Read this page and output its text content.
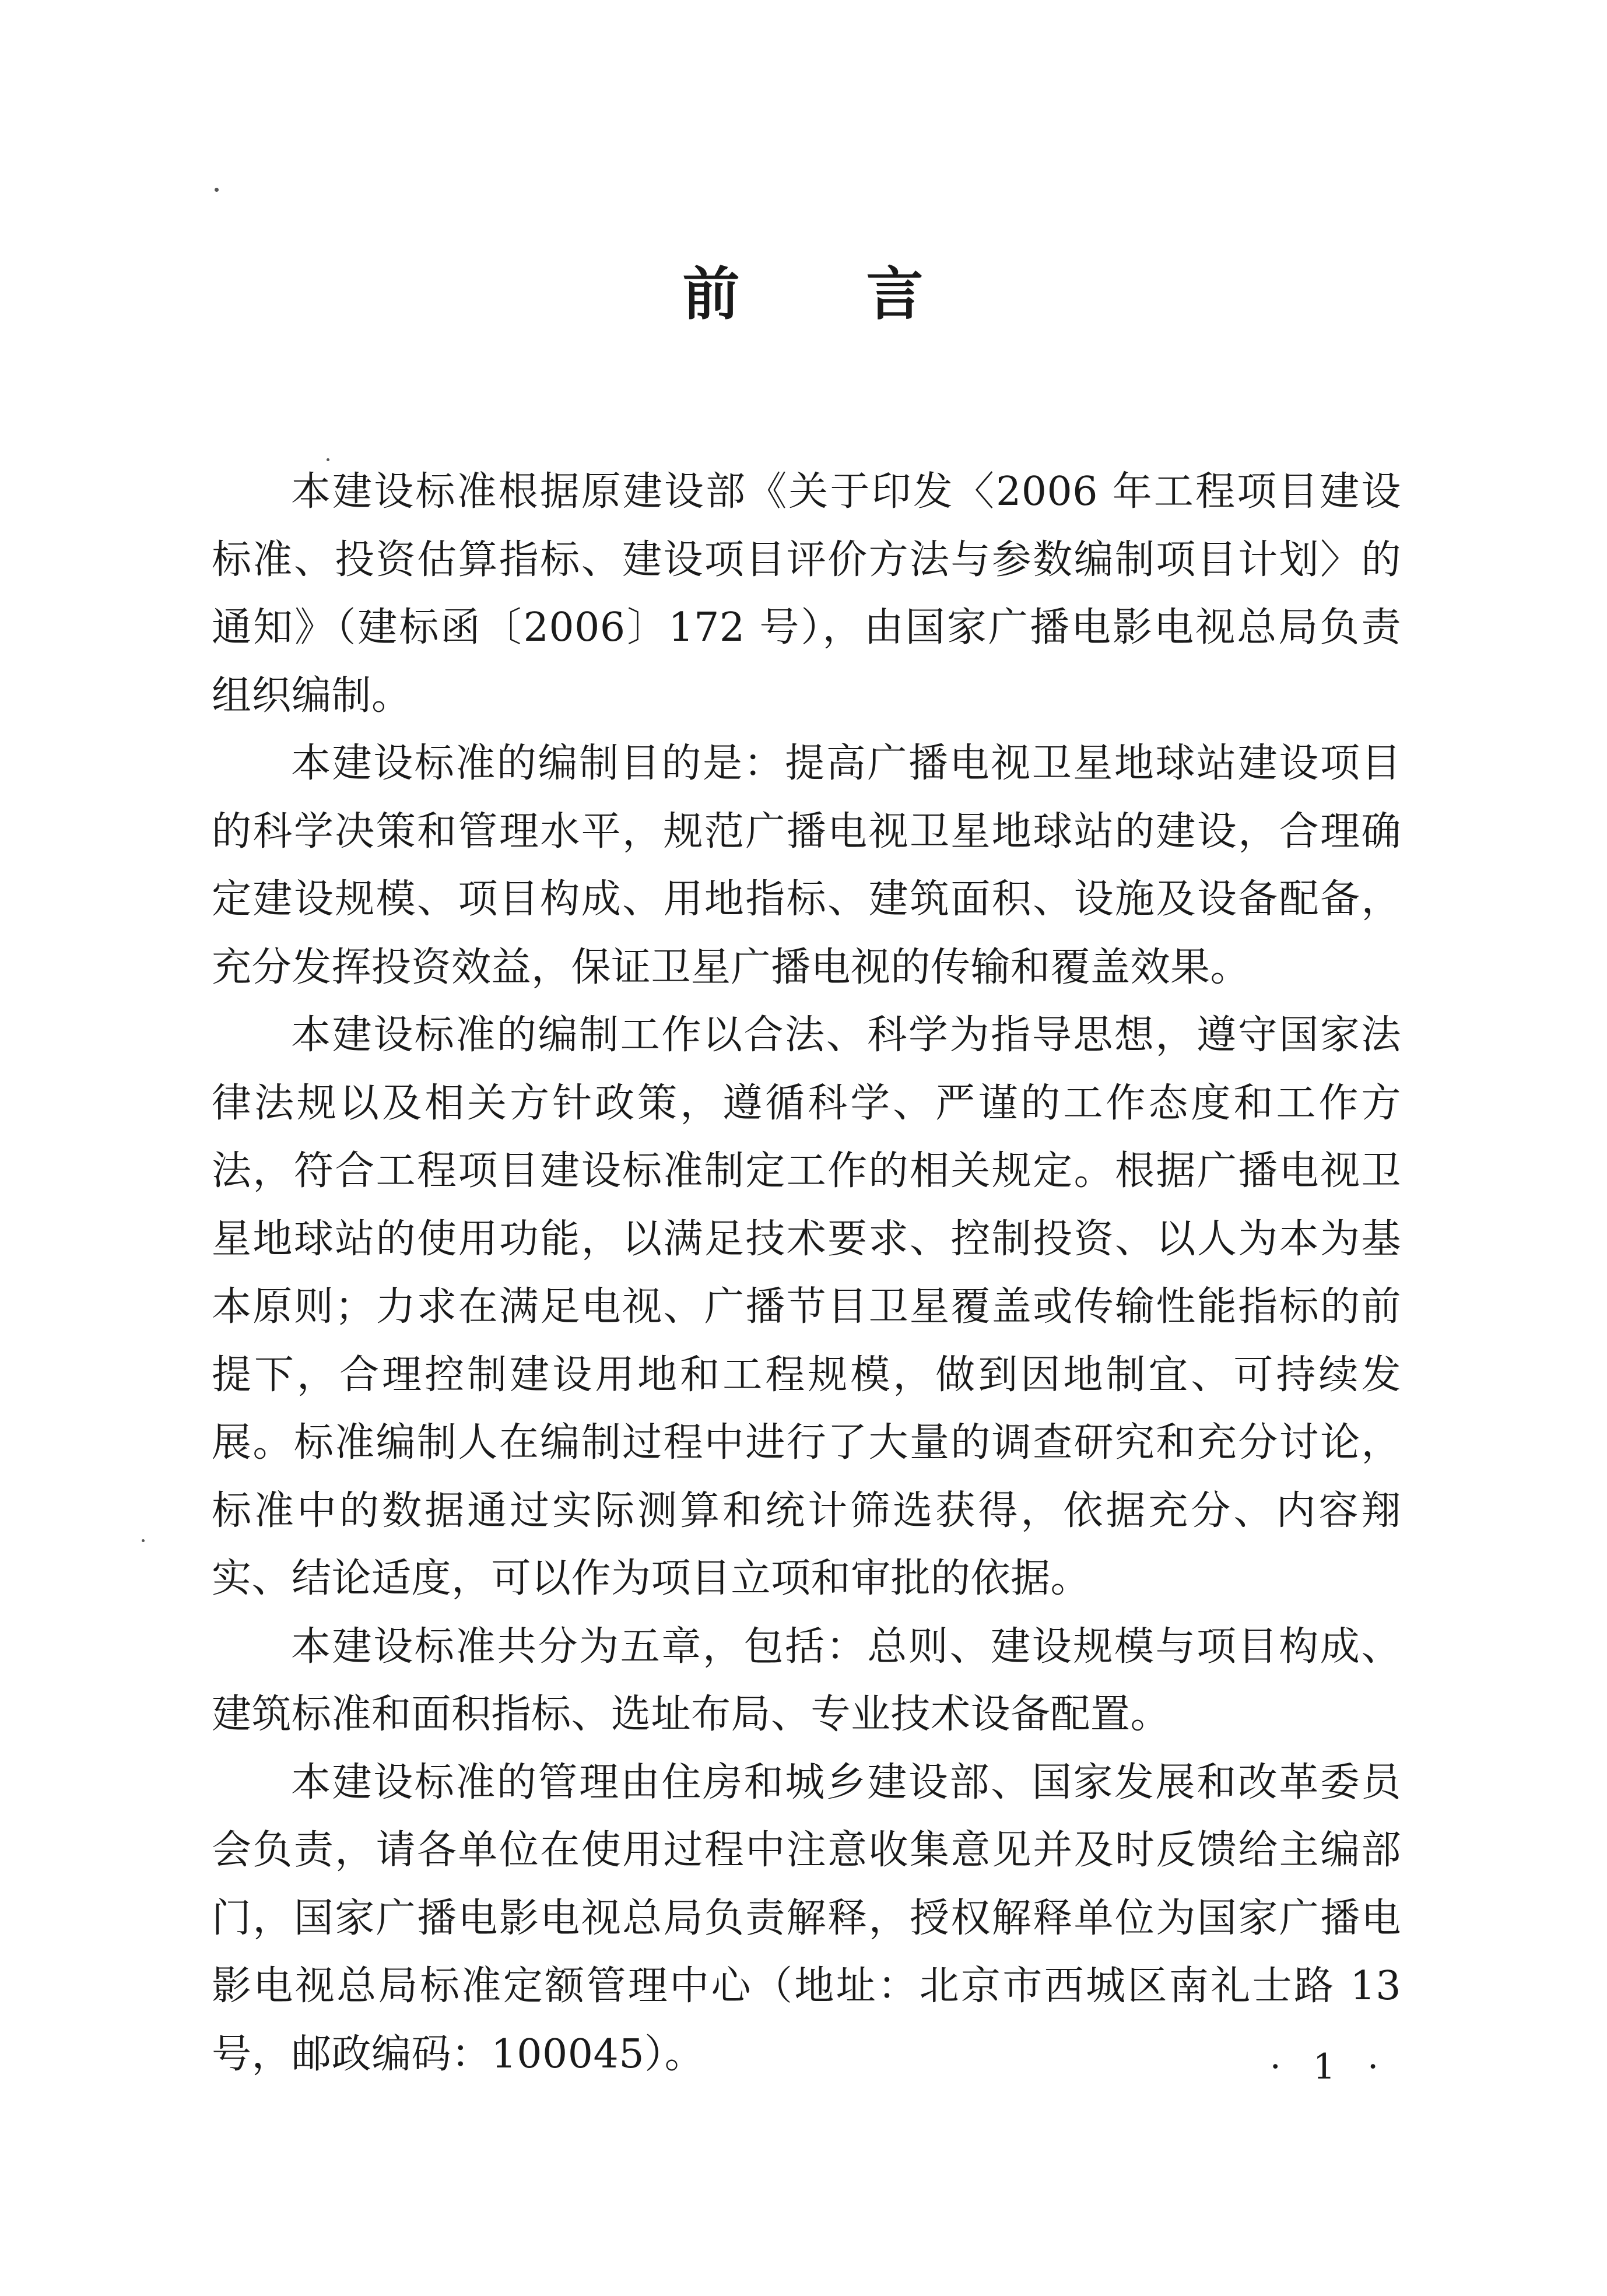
前 言

本建设标准根据原建设部《关于印发〈2006 年工程项目建设标准、投资估算指标、建设项目评价方法与参数编制项目计划〉的通知》（建标函〔2006〕172 号），由国家广播电影电视总局负责组织编制。

本建设标准的编制目的是：提高广播电视卫星地球站建设项目的科学决策和管理水平，规范广播电视卫星地球站的建设，合理确定建设规模、项目构成、用地指标、建筑面积、设施及设备配备，充分发挥投资效益，保证卫星广播电视的传输和覆盖效果。

本建设标准的编制工作以合法、科学为指导思想，遵守国家法律法规以及相关方针政策，遵循科学、严谨的工作态度和工作方法，符合工程项目建设标准制定工作的相关规定。根据广播电视卫星地球站的使用功能，以满足技术要求、控制投资、以人为本为基本原则；力求在满足电视、广播节目卫星覆盖或传输性能指标的前提下，合理控制建设用地和工程规模，做到因地制宜、可持续发展。标准编制人在编制过程中进行了大量的调查研究和充分讨论，标准中的数据通过实际测算和统计筛选获得，依据充分、内容翔实、结论适度，可以作为项目立项和审批的依据。

本建设标准共分为五章，包括：总则、建设规模与项目构成、建筑标准和面积指标、选址布局、专业技术设备配置。

本建设标准的管理由住房和城乡建设部、国家发展和改革委员会负责，请各单位在使用过程中注意收集意见并及时反馈给主编部门，国家广播电影电视总局负责解释，授权解释单位为国家广播电影电视总局标准定额管理中心（地址：北京市西城区南礼士路 13 号，邮政编码：100045）。	· 1 ·
